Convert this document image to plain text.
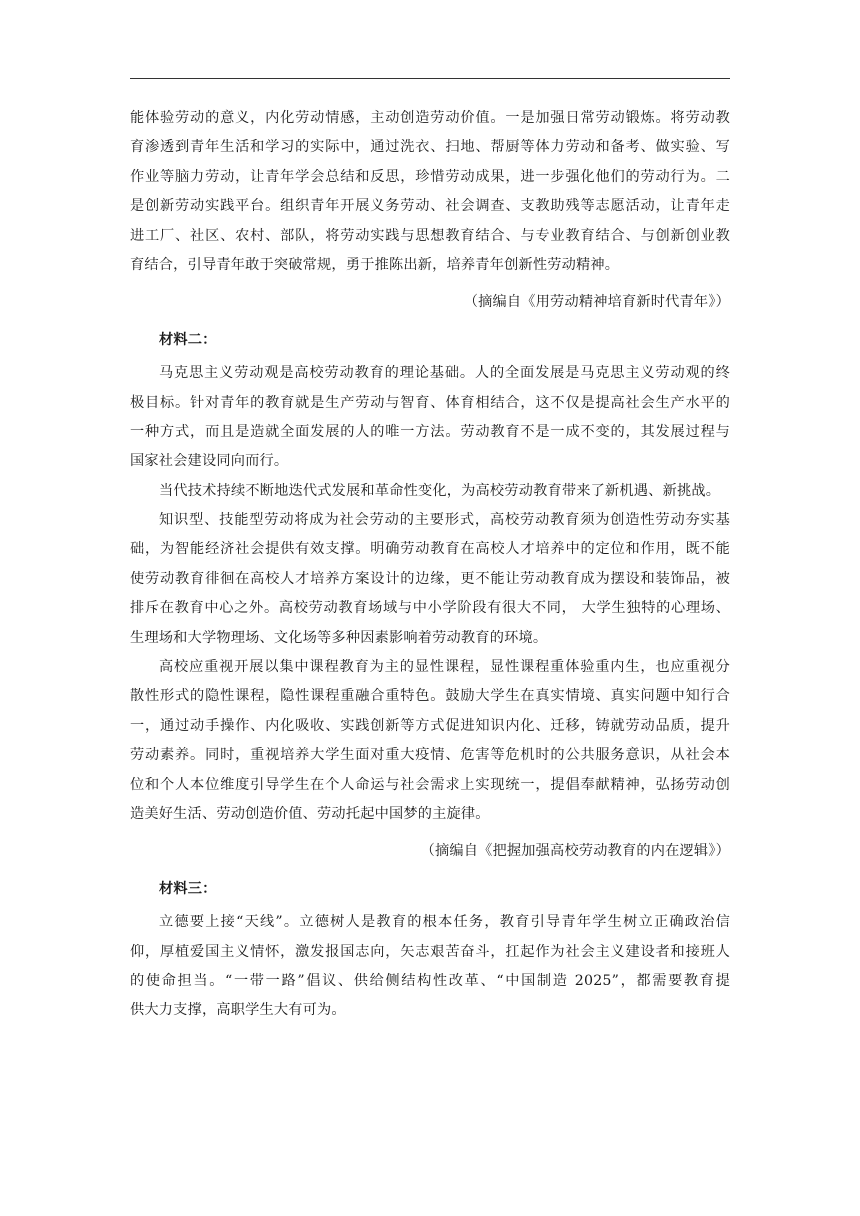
能体验劳动的意义，内化劳动情感，主动创造劳动价值。一是加强日常劳动锻炼。将劳动教
育渗透到青年生活和学习的实际中，通过洗衣、扫地、帮厨等体力劳动和备考、做实验、写
作业等脑力劳动，让青年学会总结和反思，珍惜劳动成果，进一步强化他们的劳动行为。二
是创新劳动实践平台。组织青年开展义务劳动、社会调查、支教助残等志愿活动，让青年走
进工厂、社区、农村、部队，将劳动实践与思想教育结合、与专业教育结合、与创新创业教
育结合，引导青年敢于突破常规，勇于推陈出新，培养青年创新性劳动精神。
（摘编自《用劳动精神培育新时代青年》）
材料二：
马克思主义劳动观是高校劳动教育的理论基础。人的全面发展是马克思主义劳动观的终
极目标。针对青年的教育就是生产劳动与智育、体育相结合，这不仅是提高社会生产水平的
一种方式，而且是造就全面发展的人的唯一方法。劳动教育不是一成不变的，其发展过程与
国家社会建设同向而行。
当代技术持续不断地迭代式发展和革命性变化，为高校劳动教育带来了新机遇、新挑战。
知识型、技能型劳动将成为社会劳动的主要形式，高校劳动教育须为创造性劳动夯实基
础，为智能经济社会提供有效支撑。明确劳动教育在高校人才培养中的定位和作用，既不能
使劳动教育徘徊在高校人才培养方案设计的边缘，更不能让劳动教育成为摆设和装饰品，被
排斥在教育中心之外。高校劳动教育场域与中小学阶段有很大不同， 大学生独特的心理场、
生理场和大学物理场、文化场等多种因素影响着劳动教育的环境。
高校应重视开展以集中课程教育为主的显性课程，显性课程重体验重内生，也应重视分
散性形式的隐性课程，隐性课程重融合重特色。鼓励大学生在真实情境、真实问题中知行合
一，通过动手操作、内化吸收、实践创新等方式促进知识内化、迁移，铸就劳动品质，提升
劳动素养。同时，重视培养大学生面对重大疫情、危害等危机时的公共服务意识，从社会本
位和个人本位维度引导学生在个人命运与社会需求上实现统一，提倡奉献精神，弘扬劳动创
造美好生活、劳动创造价值、劳动托起中国梦的主旋律。
（摘编自《把握加强高校劳动教育的内在逻辑》）
材料三：
立德要上接“天线”。立德树人是教育的根本任务，教育引导青年学生树立正确政治信
仰，厚植爱国主义情怀，激发报国志向，矢志艰苦奋斗，扛起作为社会主义建设者和接班人
的使命担当。“一带一路”倡议、供给侧结构性改革、“中国制造 2025”，都需要教育提
供大力支撑，高职学生大有可为。
